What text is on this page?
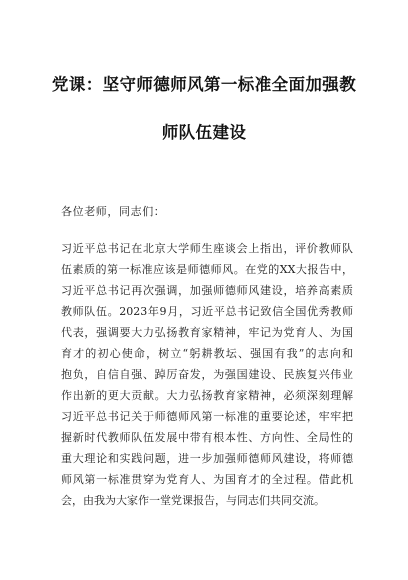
党课：坚守师德师风第一标准全面加强教
师队伍建设
各位老师，同志们：
习近平总书记在北京大学师生座谈会上指出，评价教师队
伍素质的第一标准应该是师德师风。在党的XX大报告中，
习近平总书记再次强调，加强师德师风建设，培养高素质
教师队伍。2023年9月，习近平总书记致信全国优秀教师
代表，强调要大力弘扬教育家精神，牢记为党育人、为国
育才的初心使命，树立“躬耕教坛、强国有我”的志向和
抱负，自信自强、踔厉奋发，为强国建设、民族复兴伟业
作出新的更大贡献。大力弘扬教育家精神，必须深刻理解
习近平总书记关于师德师风第一标准的重要论述，牢牢把
握新时代教师队伍发展中带有根本性、方向性、全局性的
重大理论和实践问题，进一步加强师德师风建设，将师德
师风第一标准贯穿为党育人、为国育才的全过程。借此机
会，由我为大家作一堂党课报告，与同志们共同交流。
